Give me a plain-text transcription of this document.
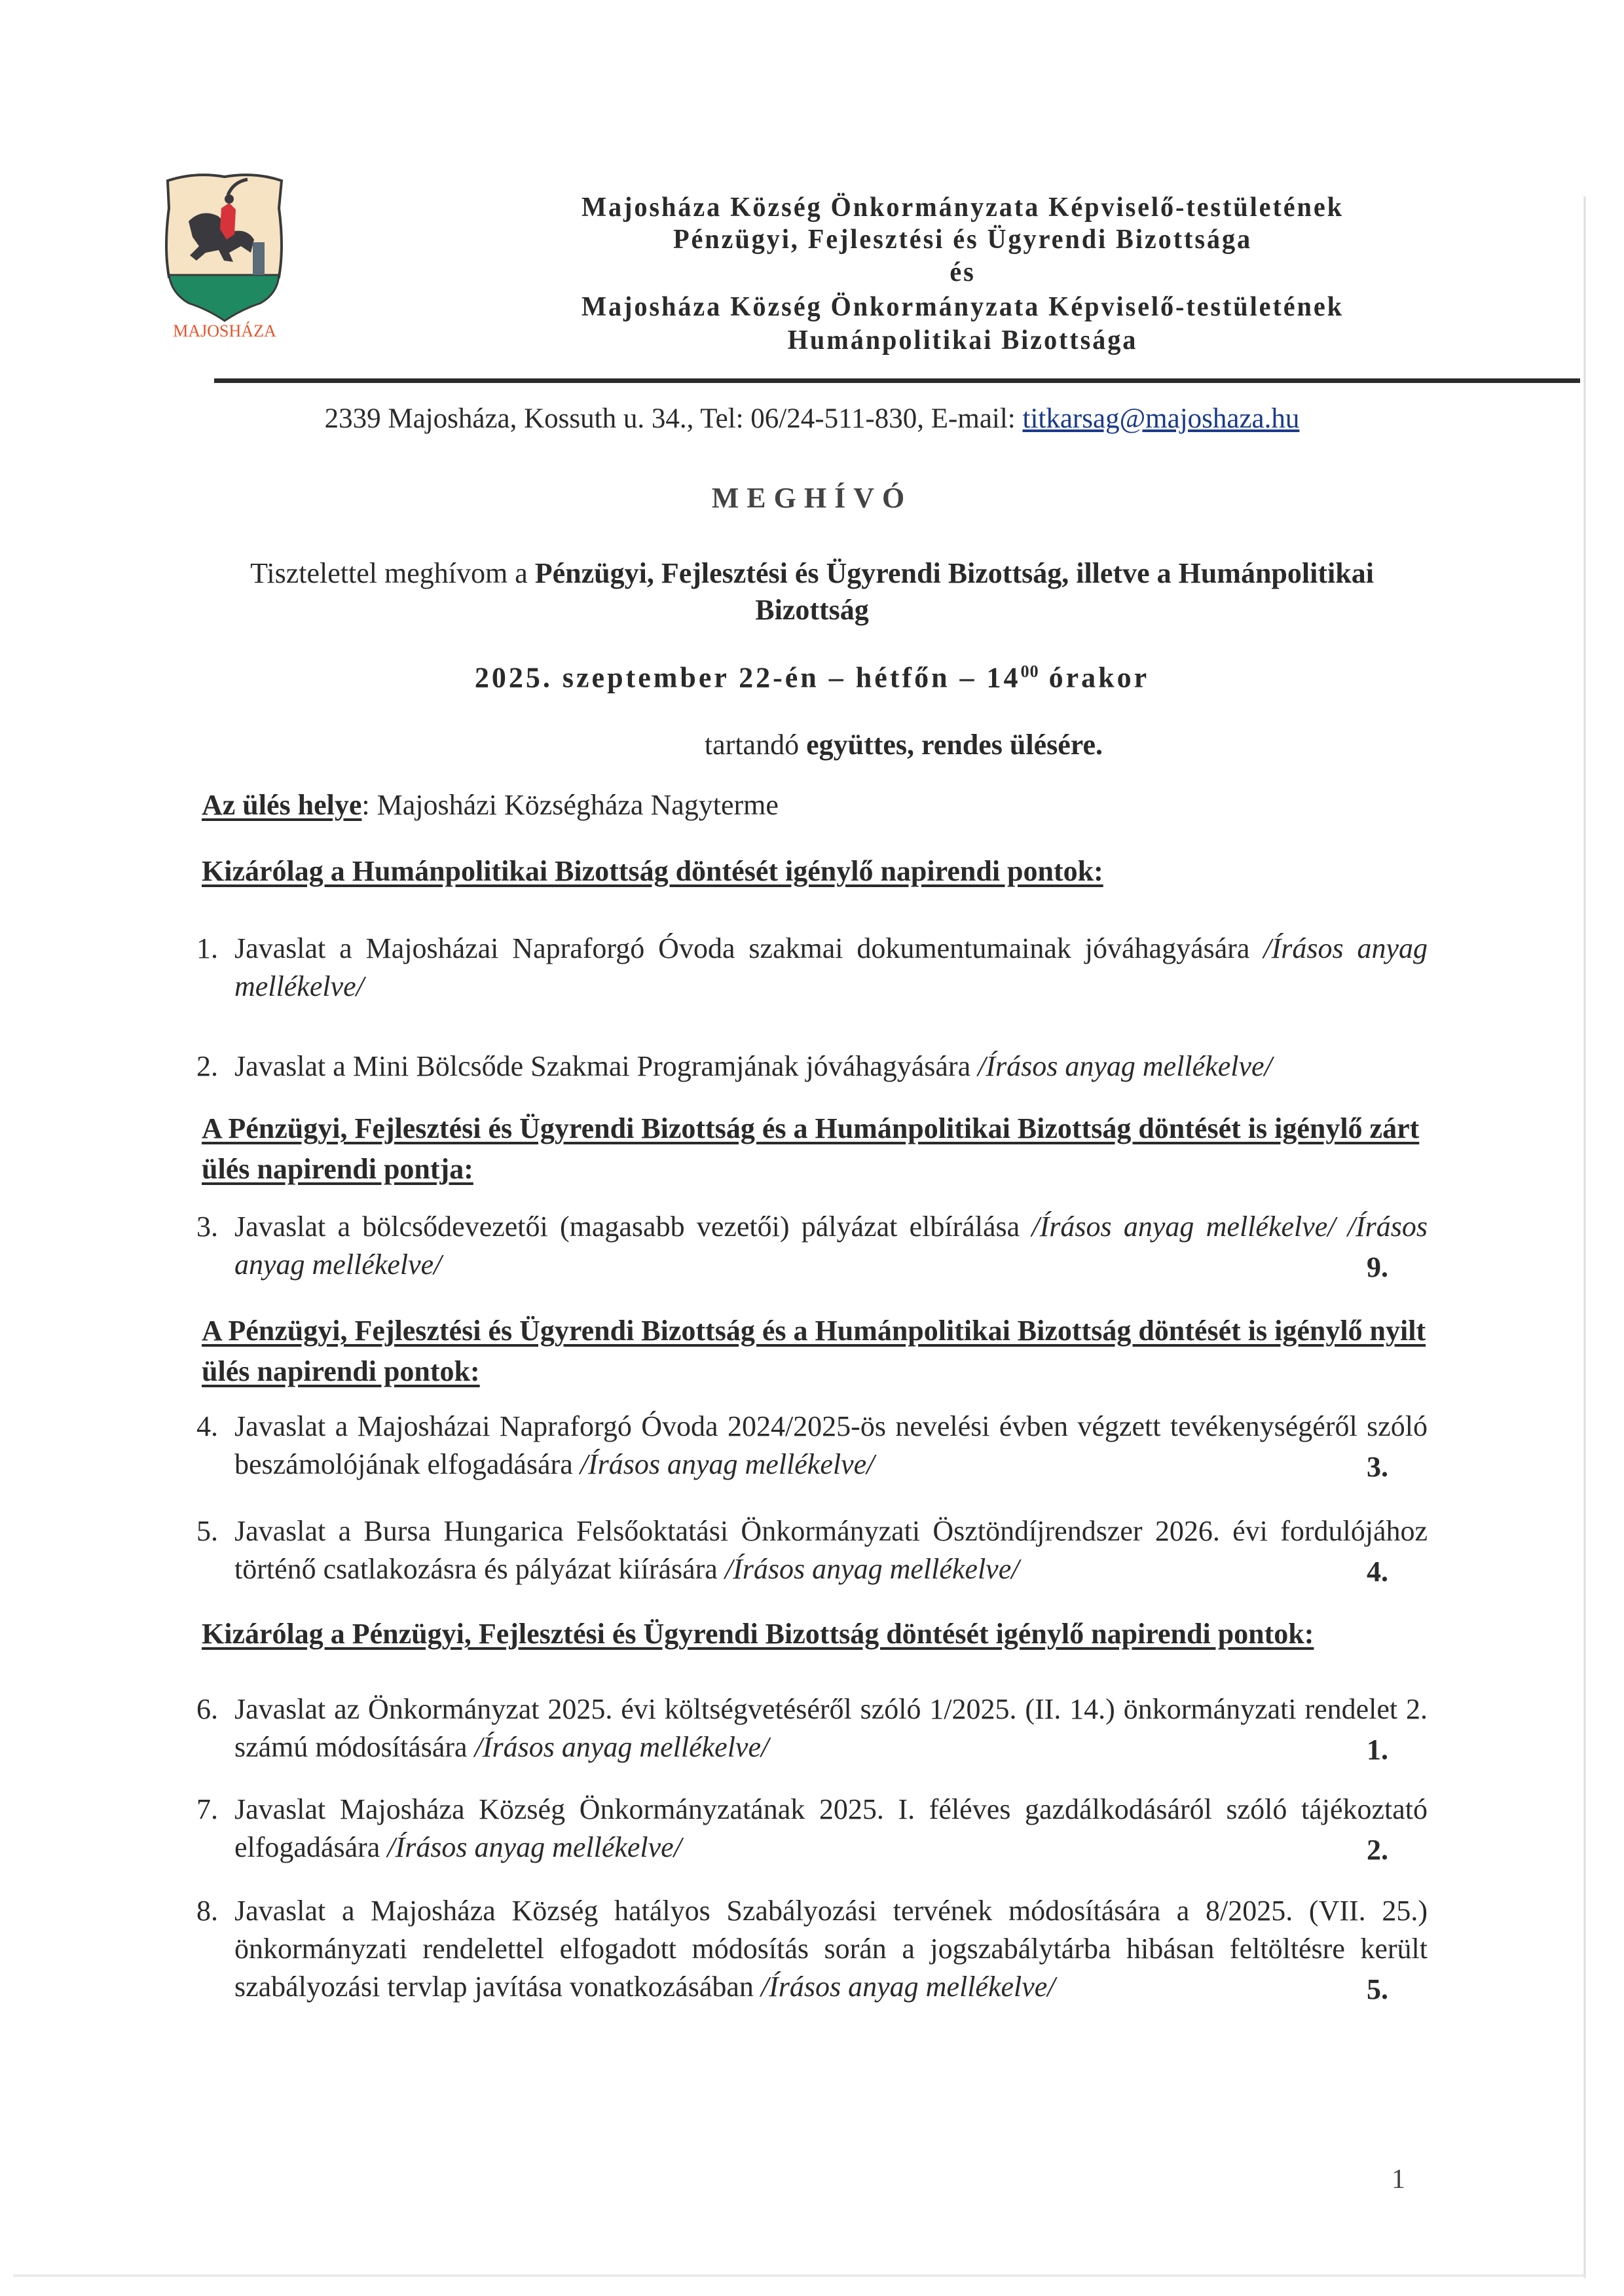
MAJOSHÁZA
Majosháza Község Önkormányzata Képviselő-testületének
Pénzügyi, Fejlesztési és Ügyrendi Bizottsága
és
Majosháza Község Önkormányzata Képviselő-testületének
Humánpolitikai Bizottsága
2339 Majosháza, Kossuth u. 34., Tel: 06/24-511-830, E-mail: titkarsag@majoshaza.hu
MEGHÍVÓ
Tisztelettel meghívom a Pénzügyi, Fejlesztési és Ügyrendi Bizottság, illetve a Humánpolitikai Bizottság
2025. szeptember 22-én – hétfőn – $14^{00}$ órakor
tartandó együttes, rendes ülésére.
Az ülés helye: Majosházi Községháza Nagyterme
Kizárólag a Humánpolitikai Bizottság döntését igénylő napirendi pontok:
1. Javaslat a Majosházai Napraforgó Óvoda szakmai dokumentumainak jóváhagyására /Írásos anyag mellékelve/
2. Javaslat a Mini Bölcsőde Szakmai Programjának jóváhagyására /Írásos anyag mellékelve/
A Pénzügyi, Fejlesztési és Ügyrendi Bizottság és a Humánpolitikai Bizottság döntését is igénylő zárt ülés napirendi pontja:
3. Javaslat a bölcsődevezetői (magasabb vezetői) pályázat elbírálása /Írásos anyag mellékelve/ /Írásos anyag mellékelve/	9.
A Pénzügyi, Fejlesztési és Ügyrendi Bizottság és a Humánpolitikai Bizottság döntését is igénylő nyilt ülés napirendi pontok:
4. Javaslat a Majosházai Napraforgó Óvoda 2024/2025-ös nevelési évben végzett tevékenységéről szóló beszámolójának elfogadására /Írásos anyag mellékelve/	3.
5. Javaslat a Bursa Hungarica Felsőoktatási Önkormányzati Ösztöndíjrendszer 2026. évi fordulójához történő csatlakozásra és pályázat kiírására /Írásos anyag mellékelve/	4.
Kizárólag a Pénzügyi, Fejlesztési és Ügyrendi Bizottság döntését igénylő napirendi pontok:
6. Javaslat az Önkormányzat 2025. évi költségvetéséről szóló 1/2025. (II. 14.) önkormányzati rendelet 2. számú módosítására /Írásos anyag mellékelve/	1.
7. Javaslat Majosháza Község Önkormányzatának 2025. I. féléves gazdálkodásáról szóló tájékoztató elfogadására /Írásos anyag mellékelve/	2.
8. Javaslat a Majosháza Község hatályos Szabályozási tervének módosítására a 8/2025. (VII. 25.) önkormányzati rendelettel elfogadott módosítás során a jogszabálytárba hibásan feltöltésre került szabályozási tervlap javítása vonatkozásában /Írásos anyag mellékelve/	5.
1
